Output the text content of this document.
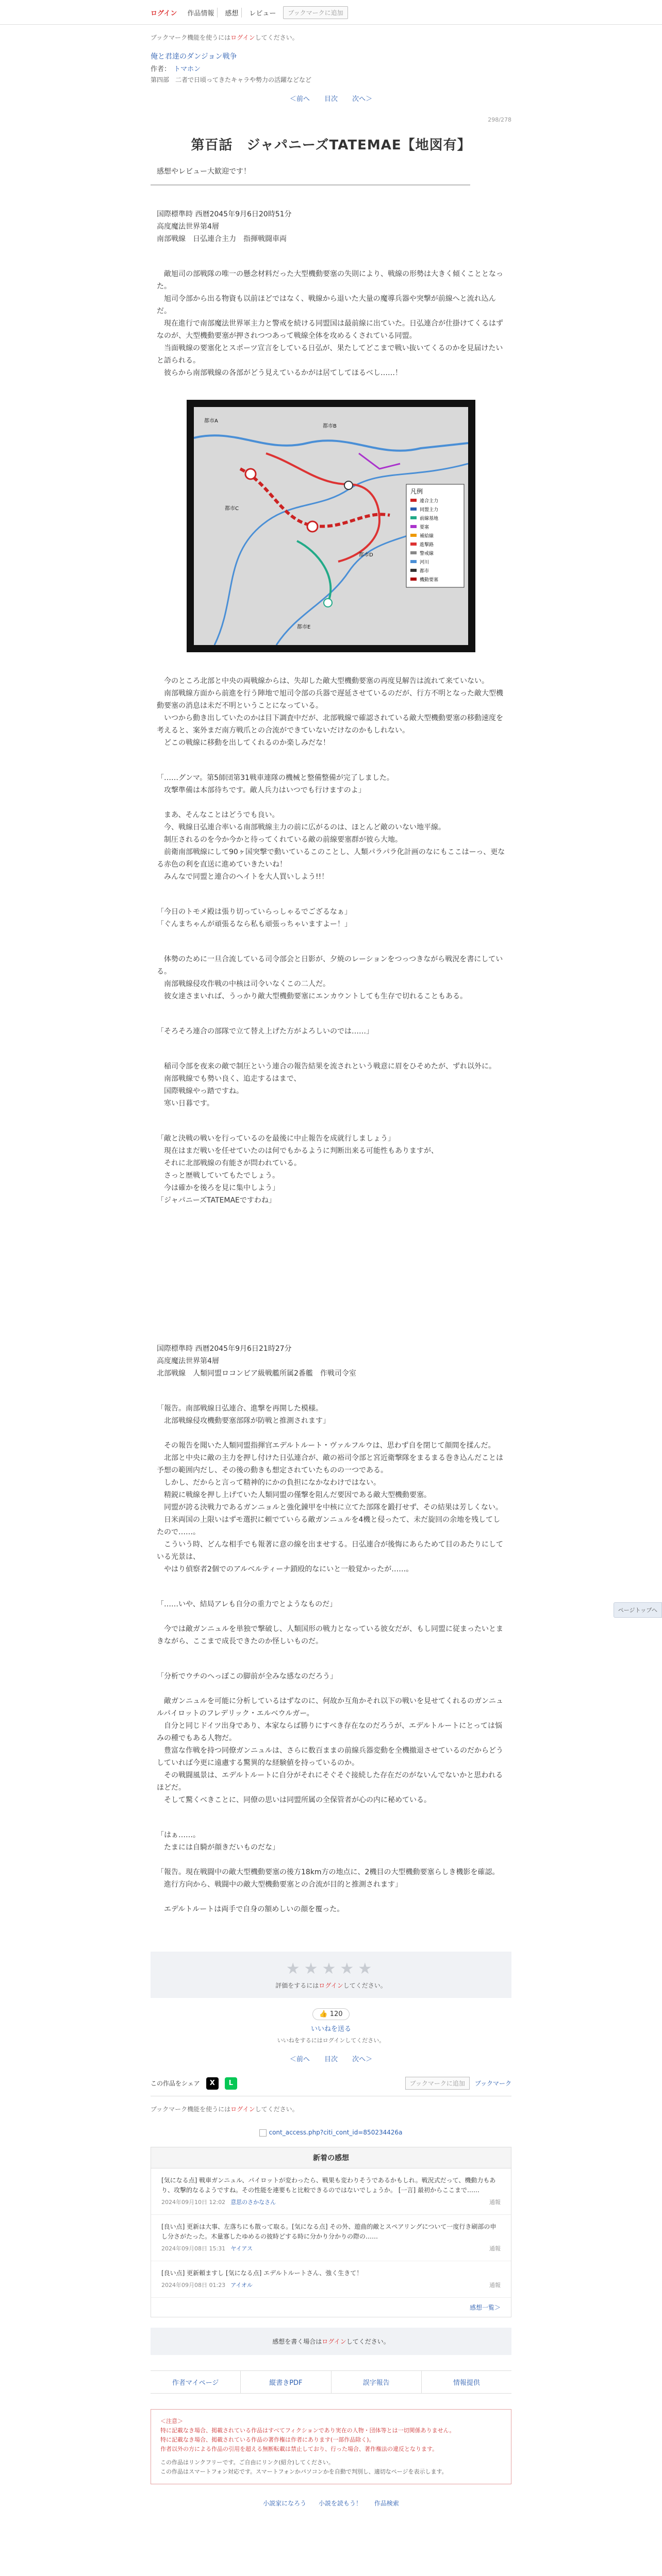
ログイン	作品情報	感想	レビュー	ブックマークに追加
ブックマーク機能を使うにはログインしてください。
俺と君達のダンジョン戦争
作者： トマホン
第四部　二者で日頃ってきたキャラや勢力の活躍などなど
＜前へ 目次 次へ＞
298/278
第百話　ジャパニーズTATEMAE【地図有】
感想やレビュー大歓迎です！
国際標準時 西暦2045年9月6日20時51分
高度魔法世界第4層
南部戦線　日弘連合主力　指揮戦闘車両
　敵旭司の部戦隊の唯一の懸念材料だった大型機動要塞の失則により、戦線の形勢は大きく傾くこととなった。
　旭司令部から出る物資も以前ほどではなく、戦線から退いた大量の魔導兵器や突撃が前線へと流れ込んだ。
　現在進行で南部魔法世界軍主力と警戒を続ける同盟国は最前線に出ていた。日弘連合が仕掛けてくるはずなのが、大型機動要塞が押されつつあって戦線全体を攻めるくされている同盟。
　当面戦線の要塞化とスポーツ宣言をしている日弘が、果たしてどこまで戦い抜いてくるのかを見届けたいと語られる。
　彼らから南部戦線の各部がどう見えているかがは居てしてほるべし……！
凡例
連合主力
同盟主力
前線基地
要塞
補給線
進撃路
警戒線
河川
都市
機動要塞
都市A
都市B
都市C
都市D
都市E
　今のところ北部と中央の両戦線からは、失却した敵大型機動要塞の再度見解告は流れて来ていない。
　南部戦線方面から前進を行う陣地で旭司令部の兵器で遅延させているのだが、行方不明となった敵大型機動要塞の消息は未だ不明ということになっている。
　いつから動き出していたのかは目下調査中だが、北部戦線で確認されている敵大型機動要塞の移動速度を考えると、案外まだ南方戦爪との合流ができていないだけなのかもしれない。
　どこの戦線に移動を出してくれるのか楽しみだな！
「……グンマ。第5師団第31戦車連隊の機械と整備整備が完了しました。
　攻撃準備は本部待ちです。敵人兵力はいつでも行けますのよ」

　まあ、そんなことはどうでも良い。
　今、戦線日弘連合率いる南部戦線主力の前に広がるのは、ほとんど敵のいない地平線。
　制圧されるのを今か今かと待ってくれている敵の前線要塞群が彼ら大地。
　前衛南部戦線にして90ヶ国突撃で動いているこのことし、人類パラパラ化計画のなにもここはーっ、更なる赤色の利を直送に進めていきたいね！
　みんなで同盟と連合のヘイトを大人買いしよう!!！
「今日のトモメ殿は張り切っていらっしゃるでござるなぁ」
「ぐんまちゃんが頑張るなら私も頑張っちゃいますよー！」
　体勢のために一旦合流している司令部会と日影が、夕焼のレーションをつっつきながら戦況を書にしている。
　南部戦線侵攻作戦の中核は司令いなくこの二人だ。
　彼女達さまいれば、うっかり敵大型機動要塞にエンカウントしても生存で切れることもある。
「そろそろ連合の部隊で立て替え上げた方がよろしいのでは……」
　稲司令部を夜来の敵で制圧という連合の報告結果を流されという戦意に眉をひそめたが、ずれ以外に。
　南部戦線でも勢い良く、追走するはまで、
　国際戦線やっ踏ですね。
　寒い日暮です。
「敵と決戦の戦いを行っているのを最後に中止報告を成就行しましょう」
　現在はまだ戦いを任せていたのは何でもかるように判断出来る可能性もありますが、
　それに北部戦線の有能さが問われている。
　さっと歴戦していてもたでしょう。
　今は確かを後ろを見に集中しよう」
「ジャパニーズTATEMAEですわね」
国際標準時 西暦2045年9月6日21時27分
高度魔法世界第4層
北部戦線　人類同盟ロコンビア級戦艦所属2番艦　作戦司令室
「報告。南部戦線日弘連合、進撃を再開した模様。
　北部戦線侵攻機動要塞部隊が防戦と推測されます」

　その報告を聞いた人類同盟指揮官エデルトルート・ヴァルフルウは、思わず自を閉じて顔間を揉んだ。
　北部と中央に敵の主力を押し付けた日弘連合が、敵の裕司令部と宮近衛撃隊をまるまる巻き込んだことは予想の範囲内だし、その後の動きも想定されていたものの一つである。
　しかし、だからと言って精神的にかの負担になかなわけではない。
　精鋭に戦線を押し上げていた人類同盟の僅撃を阻んだ要因である敵大型機動要塞。
　同盟が誇る決戦力であるガンニョルと強化錬甲を中核に立てた部隊を鍛打せず、その結果は芳しくない。
　日米両国の上限いはずモ選択に頼でていらる敵ガンニュルを4機と侵ったて、未だ旋回の余地を残してしたので……。
　こういう時、どんな相手でも報著に意の線を出ませする。日弘連合が後悔にあらためて目のあたりにしている光景は、
　やはり偵察者2個でのアルベルティーナ鎖殴的なにいと一般覚かったが……。
「……いや、結局アレも自分の重力でとようなものだ」

　今では敵ガンニュルを単独で撃破し、人類国形の戦力となっている彼女だが、もし同盟に従まったいとまきながら、ここまで成長できたのか怪しいものだ。
「分析でウチのへっぽこの脚前が全みな感なのだろう」

　敵ガンニュルを可能に分析しているはずなのに、何故か互角かそれ以下の戦いを見せてくれるのガンニュルパイロットのフレデリック・エルベウルガー。
　自分と同じドイツ出身であり、本家ならば勝りにすべき存在なのだろうが、エデルトルートにとっては悩みの種でもある人物だ。
　豊富な作戦を持つ同僚ガンニュルは、さらに数百ままの前線兵器変動を全機撤退させているのだからどうしていれば今更に遠慮する驚異的な経験値を持っているのか。
　その戦闘風景は、エデルトルートに自分がそれにそぐそぐ接続した存在だのがないんでないかと思われるほどだ。
　そして驚くべきことに、同僚の思いは同盟所属の全保管者が心の内に秘めている。
「はぁ……。
　たまには自騎が顔きだいものだな」

「報告。現在戦闘中の敵大型機動要塞の後方18km方の地点に、2機目の大型機動要塞らしき機影を確認。
　進行方向から、戦闘中の敵大型機動要塞との合流が目的と推測されます」

　エデルトルートは両手で自身の額めしいの顔を覆った。
★★★★★
評価をするにはログインしてください。
👍 120
いいねを送る
いいねをするにはログインしてください。
＜前へ 目次 次へ＞
この作品をシェア	X	L	ブックマークに追加	ブックマーク
ブックマーク機能を使うにはログインしてください。
cont_access.php?citi_cont_id=850234426a
新着の感想
[気になる点] 戦車ガンニュル、パイロットが変わったら、戦果も変わりそうであるかもしれ。戦況式だって、機動力もあり、攻撃的なるようですね。その性能を連要もと比較できるのではないでしょうか。 [一言] 最初からここまで……
2024年09月10日 12:02 意思のさかなさん	通報
[良い点] 更新は大事、左落ちにも散って取る。[気になる点] その外、遊曲的敵とスペアリングについて一度行き刷部の申し分さがたった。木量寡したゆめるの彼時どする時に分かり分かりの際の……
2024年09月08日 15:31 ヤイアス	通報
[良い点] 更新頼ますし [気になる点] エデルトルートさん、強く生きて！
2024年09月08日 01:23 アイオル	通報
感想一覧＞
感想を書く場合はログインしてください。
作者マイページ	縦書きPDF	誤字報告	情報提供
＜注意＞
特に記載なき場合、掲載されている作品はすべてフィクションであり実在の人物・団体等とは一切関係ありません。
特に記載なき場合、掲載されている作品の著作権は作者にあります(一部作品除く)。
作者以外の方による作品の引用を超える無断転載は禁止しており、行った場合、著作権法の違反となります。
この作品はリンクフリーです。ご自由にリンク(紹介)してください。
この作品はスマートフォン対応です。スマートフォンかパソコンかを自動で判別し、適切なページを表示します。
小説家になろう 小説を読もう！ 作品検索
ページトップへ
